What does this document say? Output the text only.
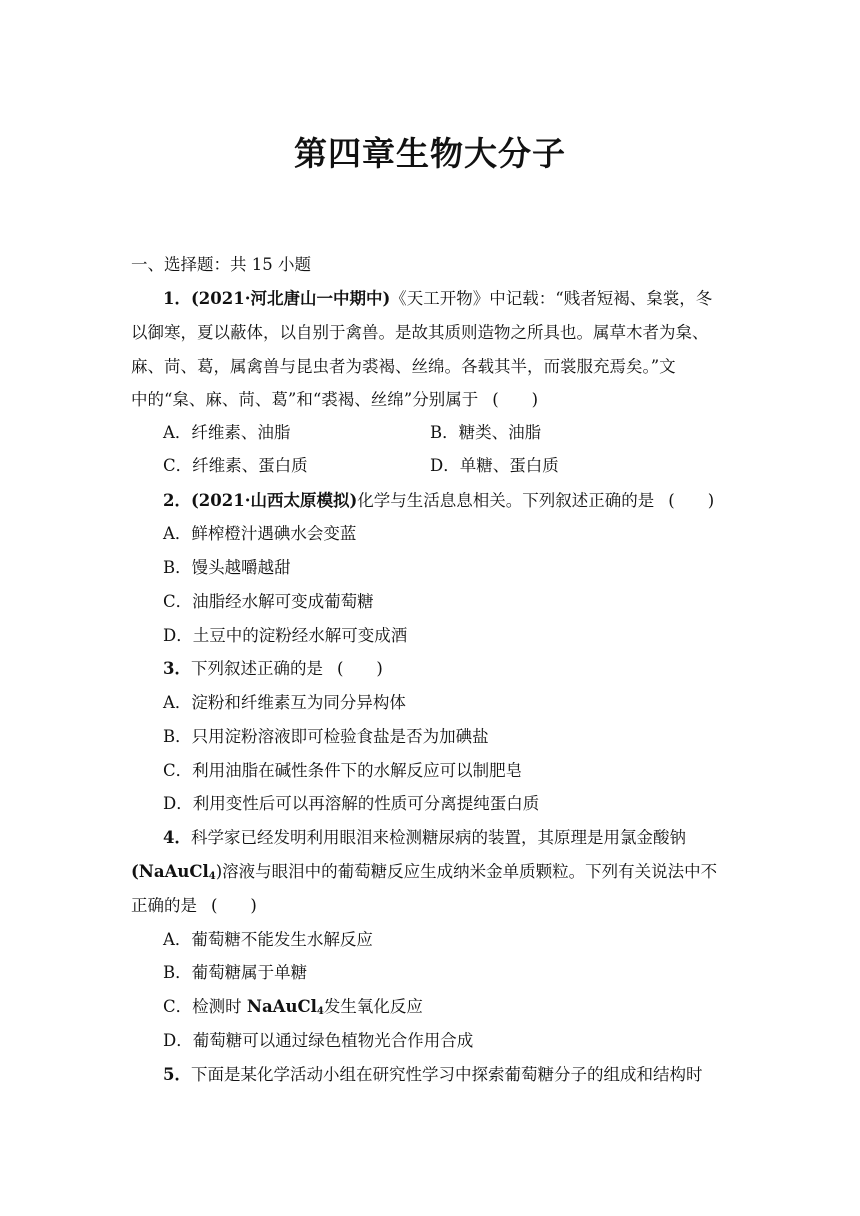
第四章生物大分子
一、选择题：共 15 小题
1．(2021·河北唐山一中期中)《天工开物》中记载：“贱者短褐、枲裳，冬
以御寒，夏以蔽体，以自别于禽兽。是故其质则造物之所具也。属草木者为枲、
麻、苘、葛，属禽兽与昆虫者为裘褐、丝绵。各载其半，而裳服充焉矣。”文
中的“枲、麻、苘、葛”和“裘褐、丝绵”分别属于 (　　)
A．纤维素、油脂	B．糖类、油脂
C．纤维素、蛋白质	D．单糖、蛋白质
2．(2021·山西太原模拟)化学与生活息息相关。下列叙述正确的是 (　　)
A．鲜榨橙汁遇碘水会变蓝
B．馒头越嚼越甜
C．油脂经水解可变成葡萄糖
D．土豆中的淀粉经水解可变成酒
3．下列叙述正确的是 (　　)
A．淀粉和纤维素互为同分异构体
B．只用淀粉溶液即可检验食盐是否为加碘盐
C．利用油脂在碱性条件下的水解反应可以制肥皂
D．利用变性后可以再溶解的性质可分离提纯蛋白质
4．科学家已经发明利用眼泪来检测糖尿病的装置，其原理是用氯金酸钠
(NaAuCl$_4$)溶液与眼泪中的葡萄糖反应生成纳米金单质颗粒。下列有关说法中不
正确的是 (　　)
A．葡萄糖不能发生水解反应
B．葡萄糖属于单糖
C．检测时 NaAuCl$_4$发生氧化反应
D．葡萄糖可以通过绿色植物光合作用合成
5．下面是某化学活动小组在研究性学习中探索葡萄糖分子的组成和结构时
